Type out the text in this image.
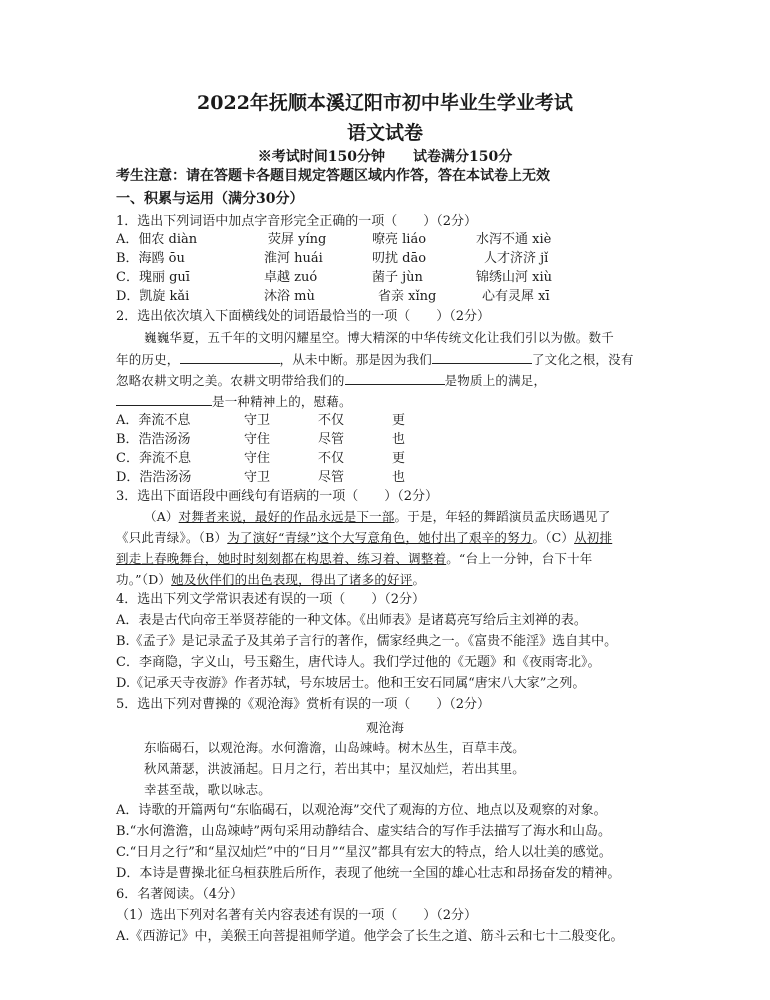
2022年抚顺本溪辽阳市初中毕业生学业考试
语文试卷
※考试时间150分钟　　试卷满分150分
考生注意：请在答题卡各题目规定答题区域内作答，答在本试卷上无效
一、积累与运用（满分30分）
1．选出下列词语中加点字音形完全正确的一项（　　）（2分）
A．佃农 diàn	荧屏 yíng	嘹亮 liáo	水泻不通 xiè
B．海鸥 ōu	淮河 huái	叨扰 dāo	人才济济 jǐ
C．瑰丽 guī	卓越 zuó	菌子 jùn	锦绣山河 xiù
D．凯旋 kǎi	沐浴 mù	省亲 xǐng	心有灵犀 xī
2．选出依次填入下面横线处的词语最恰当的一项（　　）（2分）
巍巍华夏，五千年的文明闪耀星空。博大精深的中华传统文化让我们引以为傲。数千
年的历史，	，从未中断。那是因为我们	了文化之根，没有
忽略农耕文明之美。农耕文明带给我们的	是物质上的满足，
是一种精神上的，慰藉。
A．奔流不息	守卫	不仅	更
B．浩浩汤汤	守住	尽管	也
C．奔流不息	守住	不仅	更
D．浩浩汤汤	守卫	尽管	也
3．选出下面语段中画线句有语病的一项（　　）（2分）
（A）对舞者来说，最好的作品永远是下一部。于是，年轻的舞蹈演员孟庆旸遇见了
《只此青绿》。（B）为了演好“青绿”这个大写意角色，她付出了艰辛的努力。（C）从初排
到走上春晚舞台，她时时刻刻都在构思着、练习着、调整着。“台上一分钟，台下十年
功。”（D）她及伙伴们的出色表现，得出了诸多的好评。
4．选出下列文学常识表述有误的一项（　　）（2分）
A．表是古代向帝王举贤荐能的一种文体。《出师表》是诸葛亮写给后主刘禅的表。
B.《孟子》是记录孟子及其弟子言行的著作，儒家经典之一。《富贵不能淫》选自其中。
C．李商隐，字义山，号玉谿生，唐代诗人。我们学过他的《无题》和《夜雨寄北》。
D.《记承天寺夜游》作者苏轼，号东坡居士。他和王安石同属“唐宋八大家”之列。
5．选出下列对曹操的《观沧海》赏析有误的一项（　　）（2分）
观沧海
东临碣石，以观沧海。水何澹澹，山岛竦峙。树木丛生，百草丰茂。
秋风萧瑟，洪波涌起。日月之行，若出其中；星汉灿烂，若出其里。
幸甚至哉，歌以咏志。
A．诗歌的开篇两句“东临碣石，以观沧海”交代了观海的方位、地点以及观察的对象。
B.“水何澹澹，山岛竦峙”两句采用动静结合、虚实结合的写作手法描写了海水和山岛。
C.“日月之行”和“星汉灿烂”中的“日月”“星汉”都具有宏大的特点，给人以壮美的感觉。
D．本诗是曹操北征乌桓获胜后所作，表现了他统一全国的雄心壮志和昂扬奋发的精神。
6．名著阅读。（4分）
（1）选出下列对名著有关内容表述有误的一项（　　）（2分）
A.《西游记》中，美猴王向菩提祖师学道。他学会了长生之道、筋斗云和七十二般变化。
